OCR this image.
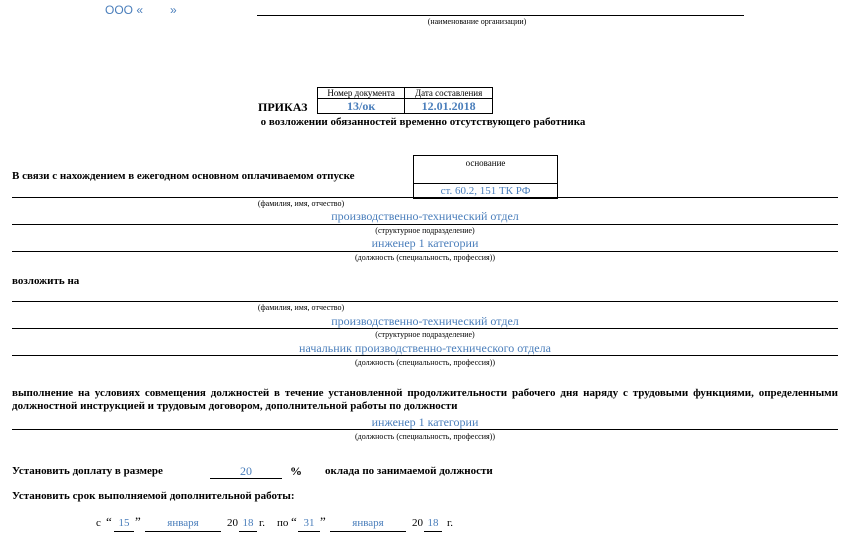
ООО « »
(наименование организации)
Номер документа	Дата составления
13/ок	12.01.2018
ПРИКАЗ
о возложении обязанностей временно отсутствующего работника
основание
ст. 60.2, 151 ТК РФ
В связи с нахождением в ежегодном основном оплачиваемом отпуске
(фамилия, имя, отчество)
производственно-технический отдел
(структурное подразделение)
инженер 1 категории
(должность (специальность, профессия))
возложить на
(фамилия, имя, отчество)
производственно-технический отдел
(структурное подразделение)
начальник производственно-технического отдела
(должность (специальность, профессия))
выполнение на условиях совмещения должностей в течение установленной продолжительности рабочего дня наряду с трудовыми функциями, определенными должностной инструкцией и трудовым договором, дополнительной работы по должности
инженер 1 категории
(должность (специальность, профессия))
Установить доплату в размере	20	% оклада по занимаемой должности
Установить срок выполняемой дополнительной работы:
с “ 15 ”	января	20 18 г. по “ 31 ”	января	20 18 г.
